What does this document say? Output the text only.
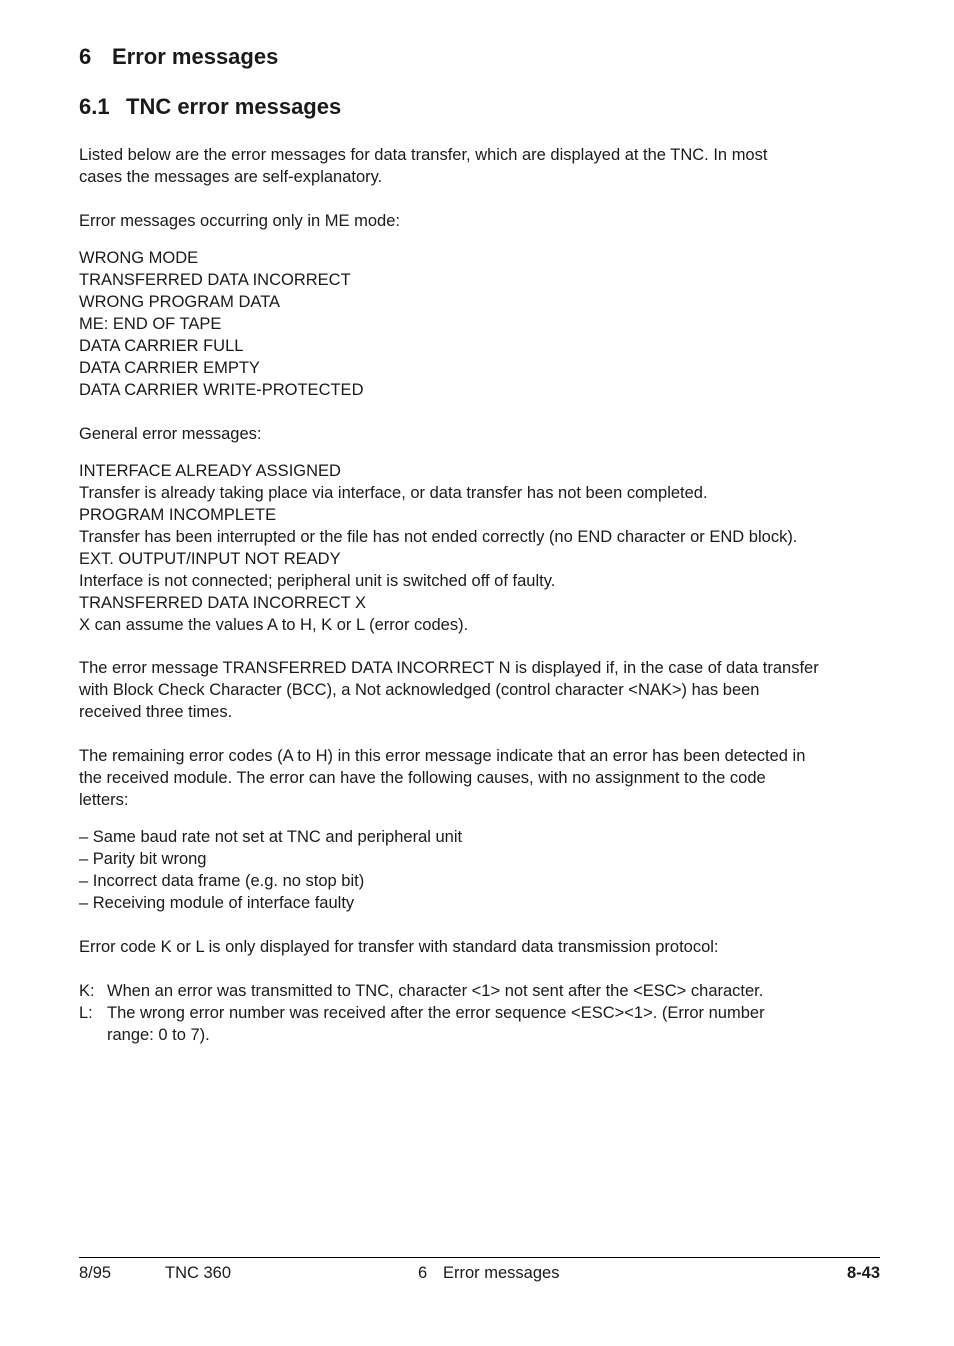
6 Error messages
6.1 TNC error messages
Listed below are the error messages for data transfer, which are displayed at the TNC. In most
cases the messages are self-explanatory.
Error messages occurring only in ME mode:
WRONG MODE
TRANSFERRED DATA INCORRECT
WRONG PROGRAM DATA
ME: END OF TAPE
DATA CARRIER FULL
DATA CARRIER EMPTY
DATA CARRIER WRITE-PROTECTED
General error messages:
INTERFACE ALREADY ASSIGNED
Transfer is already taking place via interface, or data transfer has not been completed.
PROGRAM INCOMPLETE
Transfer has been interrupted or the file has not ended correctly (no END character or END block).
EXT. OUTPUT/INPUT NOT READY
Interface is not connected; peripheral unit is switched off of faulty.
TRANSFERRED DATA INCORRECT X
X can assume the values A to H, K or L (error codes).
The error message TRANSFERRED DATA INCORRECT N is displayed if, in the case of data transfer
with Block Check Character (BCC), a Not acknowledged (control character <NAK>) has been
received three times.
The remaining error codes (A to H) in this error message indicate that an error has been detected in
the received module. The error can have the following causes, with no assignment to the code
letters:
– Same baud rate not set at TNC and peripheral unit
– Parity bit wrong
– Incorrect data frame (e.g. no stop bit)
– Receiving module of interface faulty
Error code K or L is only displayed for transfer with standard data transmission protocol:
K: When an error was transmitted to TNC, character <1> not sent after the <ESC> character.
L: The wrong error number was received after the error sequence <ESC><1>. (Error number
range: 0 to 7).
8/95	TNC 360	6 Error messages	8-43
